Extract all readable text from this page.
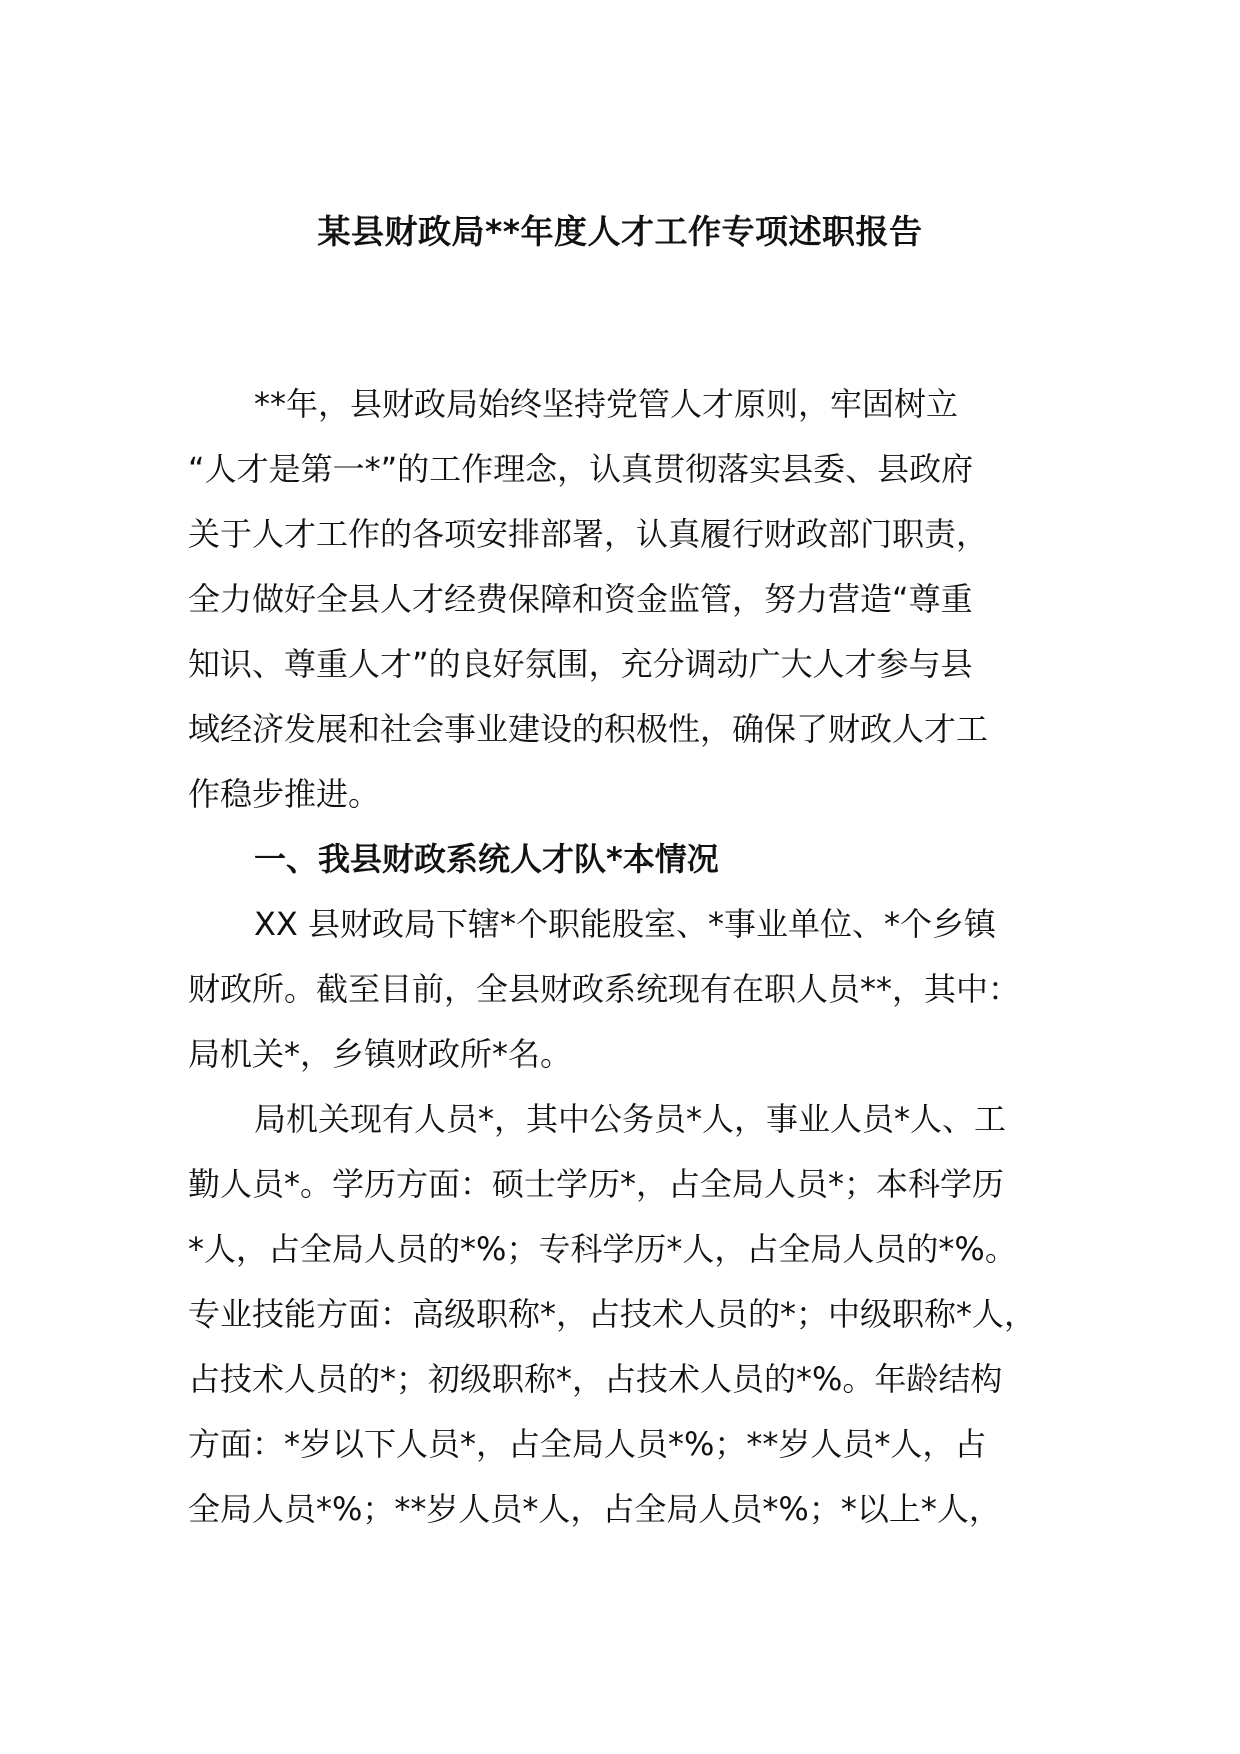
某县财政局**年度人才工作专项述职报告
**年，县财政局始终坚持党管人才原则，牢固树立
“人才是第一*”的工作理念，认真贯彻落实县委、县政府
关于人才工作的各项安排部署，认真履行财政部门职责，
全力做好全县人才经费保障和资金监管，努力营造“尊重
知识、尊重人才”的良好氛围，充分调动广大人才参与县
域经济发展和社会事业建设的积极性，确保了财政人才工
作稳步推进。
一、我县财政系统人才队*本情况
XX 县财政局下辖*个职能股室、*事业单位、*个乡镇
财政所。截至目前，全县财政系统现有在职人员**，其中：
局机关*，乡镇财政所*名。
局机关现有人员*，其中公务员*人，事业人员*人、工
勤人员*。学历方面：硕士学历*，占全局人员*；本科学历
*人，占全局人员的*%；专科学历*人，占全局人员的*%。
专业技能方面：高级职称*，占技术人员的*；中级职称*人，
占技术人员的*；初级职称*，占技术人员的*%。年龄结构
方面：*岁以下人员*，占全局人员*%；**岁人员*人，占
全局人员*%；**岁人员*人，占全局人员*%；*以上*人，
